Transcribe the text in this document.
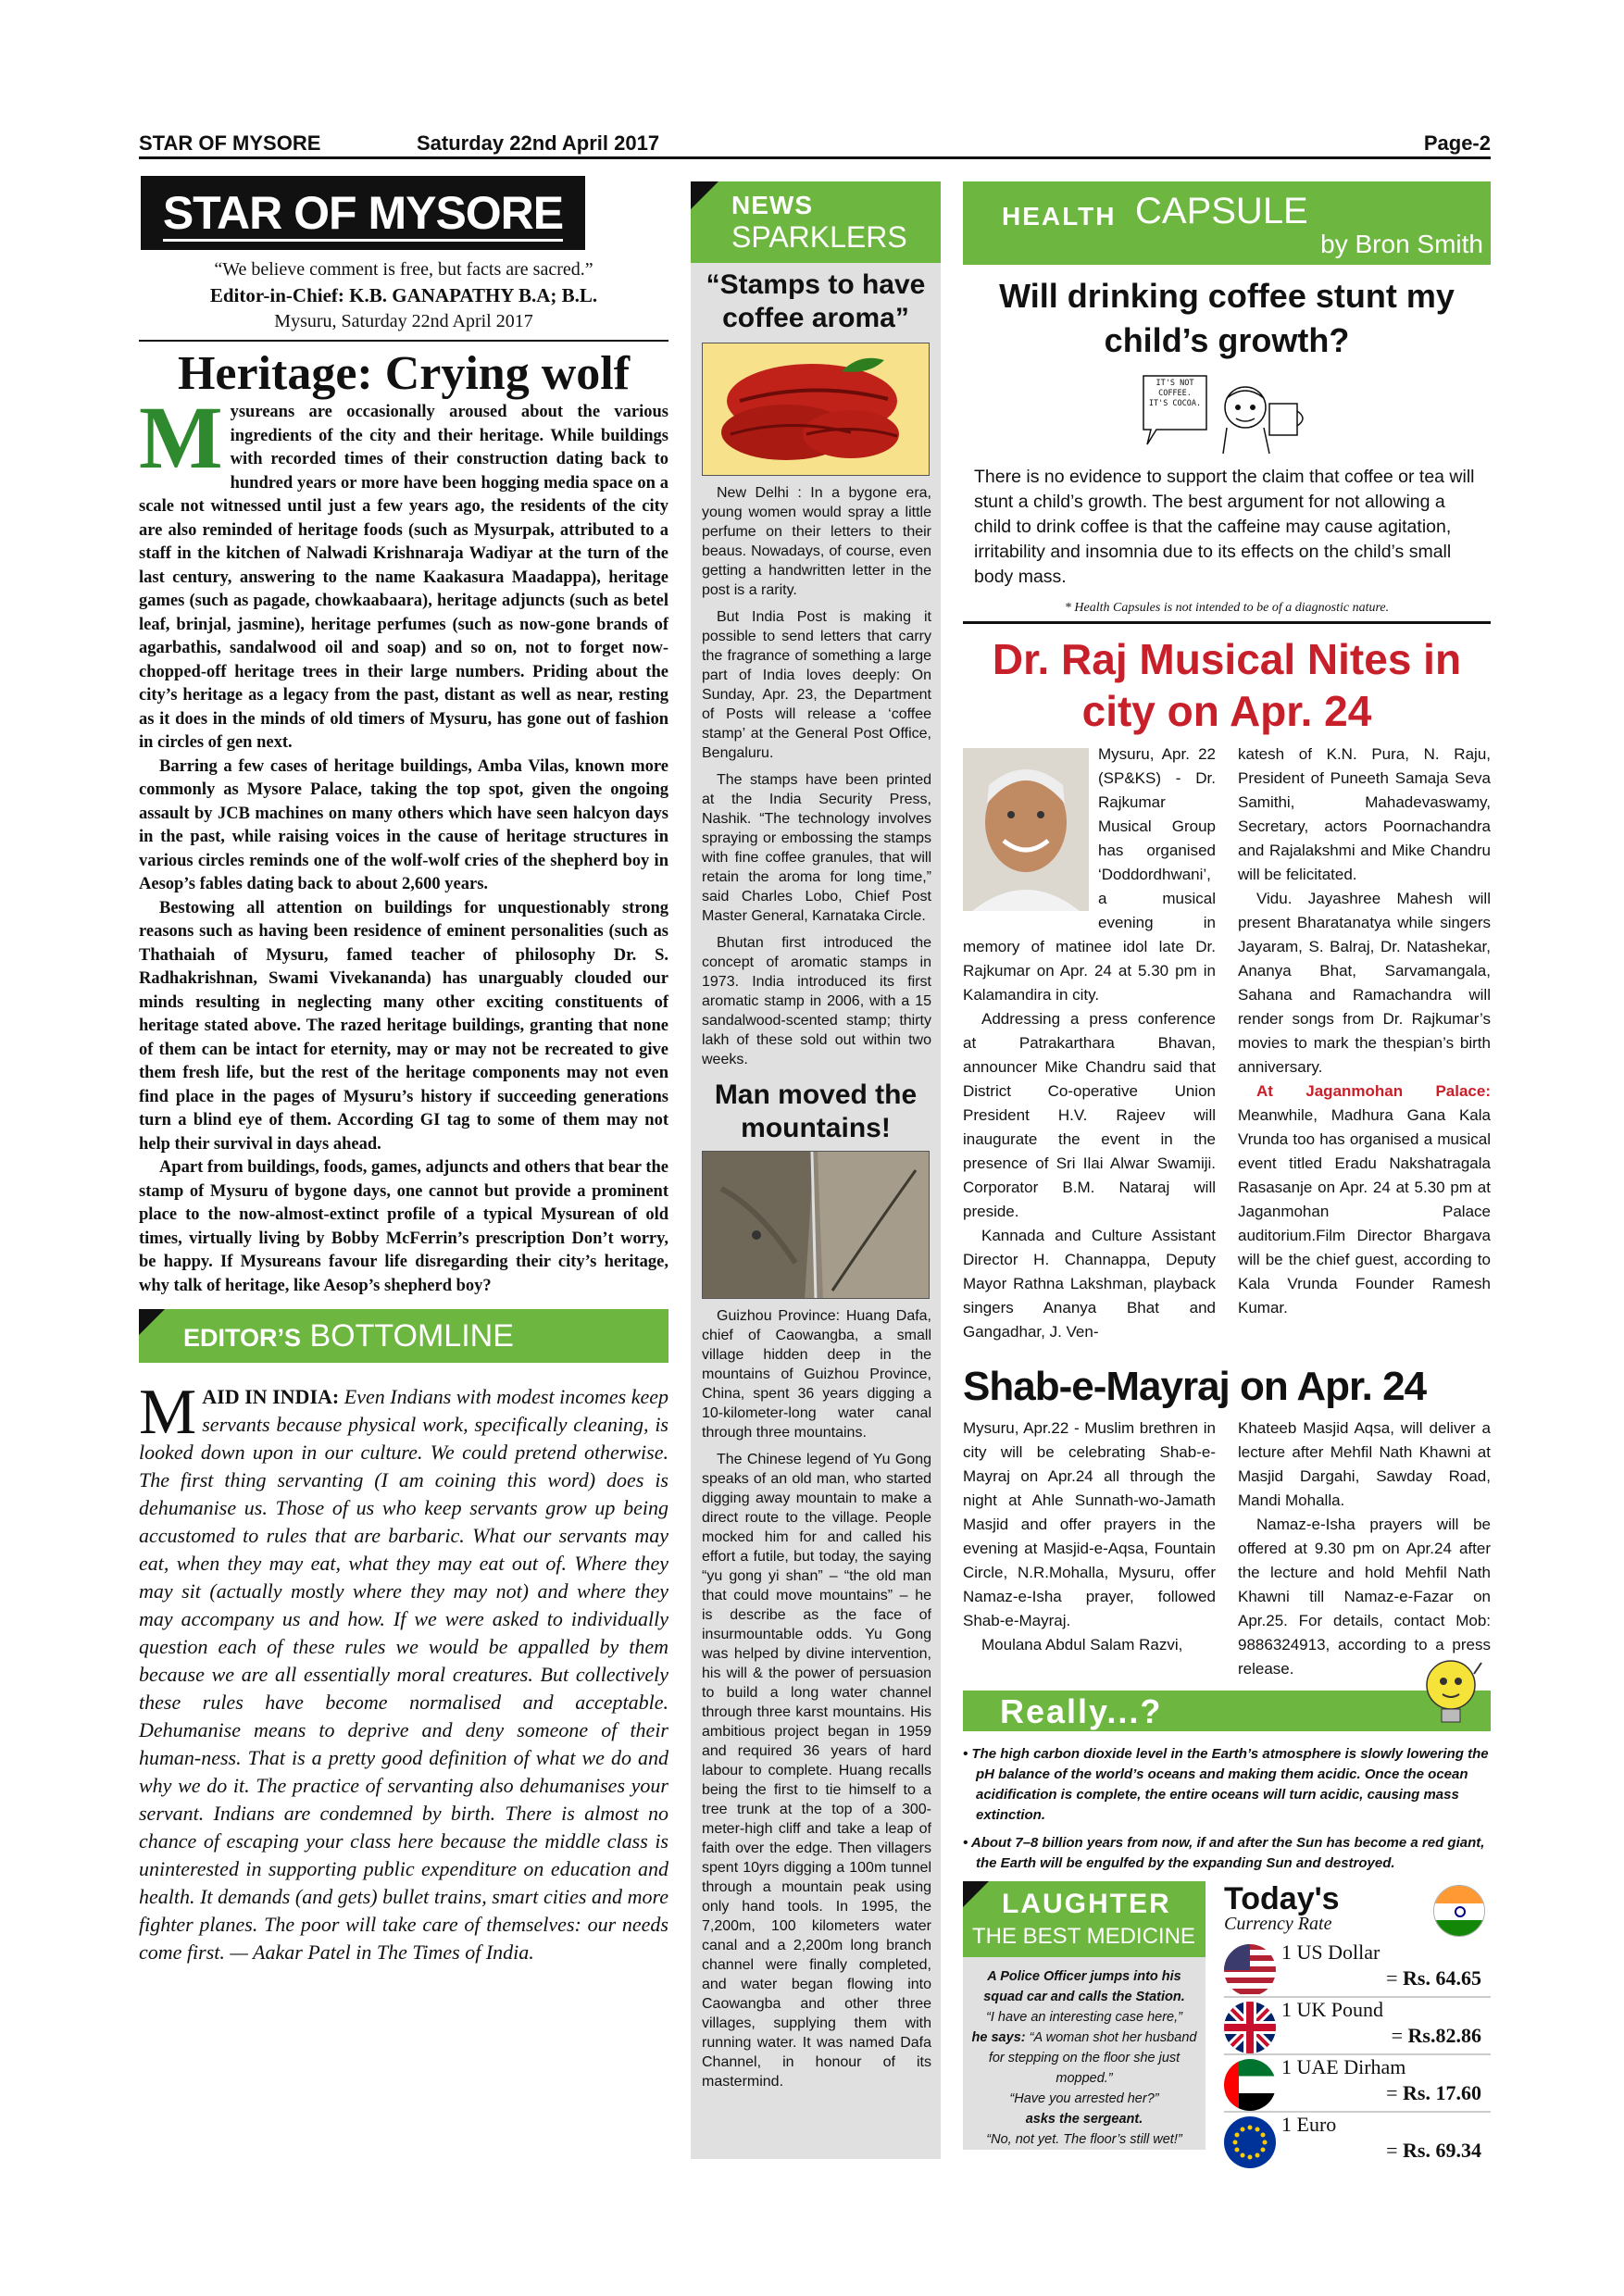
STAR OF MYSORE	Saturday 22nd April 2017	Page-2
STAR OF MYSORE
“We believe comment is free, but facts are sacred.”
Editor-in-Chief: K.B. GANAPATHY B.A; B.L.
Mysuru, Saturday 22nd April 2017
Heritage: Crying wolf

Mysureans are occasionally aroused about the various ingredients of the city and their heritage. While buildings with recorded times of their construction dating back to hundred years or more have been hogging media space on a scale not witnessed until just a few years ago, the residents of the city are also reminded of heritage foods (such as Mysurpak, attributed to a staff in the kitchen of Nalwadi Krishnaraja Wadiyar at the turn of the last century, answering to the name Kaakasura Maadappa), heritage games (such as pagade, chowkaabaara), heritage adjuncts (such as betel leaf, brinjal, jasmine), heritage perfumes (such as now-gone brands of agarbathis, sandalwood oil and soap) and so on, not to forget now-chopped-off heritage trees in their large numbers. Priding about the city’s heritage as a legacy from the past, distant as well as near, resting as it does in the minds of old timers of Mysuru, has gone out of fashion in circles of gen next.

Barring a few cases of heritage buildings, Amba Vilas, known more commonly as Mysore Palace, taking the top spot, given the ongoing assault by JCB machines on many others which have seen halcyon days in the past, while raising voices in the cause of heritage structures in various circles reminds one of the wolf-wolf cries of the shepherd boy in Aesop’s fables dating back to about 2,600 years.

Bestowing all attention on buildings for unquestionably strong reasons such as having been residence of eminent personalities (such as Thathaiah of Mysuru, famed teacher of philosophy Dr. S. Radhakrishnan, Swami Vivekananda) has unarguably clouded our minds resulting in neglecting many other exciting constituents of heritage stated above. The razed heritage buildings, granting that none of them can be intact for eternity, may or may not be recreated to give them fresh life, but the rest of the heritage components may not even find place in the pages of Mysuru’s history if succeeding generations turn a blind eye of them. According GI tag to some of them may not help their survival in days ahead.

Apart from buildings, foods, games, adjuncts and others that bear the stamp of Mysuru of bygone days, one cannot but provide a prominent place to the now-almost-extinct profile of a typical Mysurean of old times, virtually living by Bobby McFerrin’s prescription Don’t worry, be happy. If Mysureans favour life disregarding their city’s heritage, why talk of heritage, like Aesop’s shepherd boy?

EDITOR’S BOTTOMLINE
MAID IN INDIA: Even Indians with modest incomes keep servants because physical work, specifically cleaning, is looked down upon in our culture. We could pretend otherwise. The first thing servanting (I am coining this word) does is dehumanise us. Those of us who keep servants grow up being accustomed to rules that are barbaric. What our servants may eat, when they may eat, what they may eat out of. Where they may sit (actually mostly where they may not) and where they may accompany us and how. If we were asked to individually question each of these rules we would be appalled by them because we are all essentially moral creatures. But collectively these rules have become normalised and acceptable. Dehumanise means to deprive and deny someone of their human-ness. That is a pretty good definition of what we do and why we do it. The practice of servanting also dehumanises your servant. Indians are condemned by birth. There is almost no chance of escaping your class here because the middle class is uninterested in supporting public expenditure on education and health. It demands (and gets) bullet trains, smart cities and more fighter planes. The poor will take care of themselves: our needs come first. — Aakar Patel in The Times of India.
NEWS
SPARKLERS
“Stamps to have coffee aroma”

New Delhi : In a bygone era, young women would spray a little perfume on their letters to their beaus. Nowadays, of course, even getting a handwritten letter in the post is a rarity.

But India Post is making it possible to send letters that carry the fragrance of something a large part of India loves deeply: On Sunday, Apr. 23, the Department of Posts will release a ‘coffee stamp’ at the General Post Office, Bengaluru.

The stamps have been printed at the India Security Press, Nashik. “The technology involves spraying or embossing the stamps with fine coffee granules, that will retain the aroma for long time,” said Charles Lobo, Chief Post Master General, Karnataka Circle.

Bhutan first introduced the concept of aromatic stamps in 1973. India introduced its first aromatic stamp in 2006, with a 15 sandalwood-scented stamp; thirty lakh of these sold out within two weeks.

Man moved the mountains!

Guizhou Province: Huang Dafa, chief of Caowangba, a small village hidden deep in the mountains of Guizhou Province, China, spent 36 years digging a 10-kilometer-long water canal through three mountains.

The Chinese legend of Yu Gong speaks of an old man, who started digging away mountain to make a direct route to the village. People mocked him for and called his effort a futile, but today, the saying “yu gong yi shan” – “the old man that could move mountains” – he is describe as the face of insurmountable odds. Yu Gong was helped by divine intervention, his will & the power of persuasion to build a long water channel through three karst mountains. His ambitious project began in 1959 and required 36 years of hard labour to complete. Huang recalls being the first to tie himself to a tree trunk at the top of a 300-meter-high cliff and take a leap of faith over the edge. Then villagers spent 10yrs digging a 100m tunnel through a mountain peak using only hand tools. In 1995, the 7,200m, 100 kilometers water canal and a 2,200m long branch channel were finally completed, and water began flowing into Caowangba and other three villages, supplying them with running water. It was named Dafa Channel, in honour of its mastermind.

HEALTH CAPSULE
by Bron Smith
Will drinking coffee stunt my child’s growth?
IT'S NOT COFFEE. IT'S COCOA.
There is no evidence to support the claim that coffee or tea will stunt a child’s growth. The best argument for not allowing a child to drink coffee is that the caffeine may cause agitation, irritability and insomnia due to its effects on the child’s small body mass.
* Health Capsules is not intended to be of a diagnostic nature.
Dr. Raj Musical Nites in city on Apr. 24

Mysuru, Apr. 22 (SP&KS) - Dr. Rajkumar Musical Group has organised ‘Doddordhwani’, a musical evening in memory of matinee idol late Dr. Rajkumar on Apr. 24 at 5.30 pm in Kalamandira in city.

Addressing a press conference at Patrakarthara Bhavan, announcer Mike Chandru said that District Co-operative Union President H.V. Rajeev will inaugurate the event in the presence of Sri Ilai Alwar Swamiji. Corporator B.M. Nataraj will preside.

Kannada and Culture Assistant Director H. Channappa, Deputy Mayor Rathna Lakshman, playback singers Ananya Bhat and Gangadhar, J. Ven-

katesh of K.N. Pura, N. Raju, President of Puneeth Samaja Seva Samithi, Mahadevaswamy, Secretary, actors Poornachandra and Rajalakshmi and Mike Chandru will be felicitated.

Vidu. Jayashree Mahesh will present Bharatanatya while singers Jayaram, S. Balraj, Dr. Natashekar, Ananya Bhat, Sarvamangala, Sahana and Ramachandra will render songs from Dr. Rajkumar’s movies to mark the thespian’s birth anniversary.

At Jaganmohan Palace: Meanwhile, Madhura Gana Kala Vrunda too has organised a musical event titled Eradu Nakshatragala Rasasanje on Apr. 24 at 5.30 pm at Jaganmohan Palace auditorium.Film Director Bhargava will be the chief guest, according to Kala Vrunda Founder Ramesh Kumar.

Shab-e-Mayraj on Apr. 24

Mysuru, Apr.22 - Muslim brethren in city will be celebrating Shab-e-Mayraj on Apr.24 all through the night at Ahle Sunnath-wo-Jamath Masjid and offer prayers in the evening at Masjid-e-Aqsa, Fountain Circle, N.R.Mohalla, Mysuru, offer Namaz-e-Isha prayer, followed Shab-e-Mayraj.

Moulana Abdul Salam Razvi,

Khateeb Masjid Aqsa, will deliver a lecture after Mehfil Nath Khawni at Masjid Dargahi, Sawday Road, Mandi Mohalla.

Namaz-e-Isha prayers will be offered at 9.30 pm on Apr.24 after the lecture and hold Mehfil Nath Khawni till Namaz-e-Fazar on Apr.25. For details, contact Mob: 9886324913, according to a press release.

Really...?
• The high carbon dioxide level in the Earth’s atmosphere is slowly lowering the pH balance of the world’s oceans and making them acidic. Once the ocean acidification is complete, the entire oceans will turn acidic, causing mass extinction.
• About 7–8 billion years from now, if and after the Sun has become a red giant, the Earth will be engulfed by the expanding Sun and destroyed.
LAUGHTER
THE BEST MEDICINE
A Police Officer jumps into his squad car and calls the Station.
“I have an interesting case here,”
he says: “A woman shot her husband for stepping on the floor she just mopped.”
“Have you arrested her?”
asks the sergeant.
“No, not yet. The floor’s still wet!”
Today's
Currency Rate
1 US Dollar
= Rs. 64.65
1 UK Pound
= Rs.82.86
1 UAE Dirham
= Rs. 17.60
1 Euro
= Rs. 69.34
